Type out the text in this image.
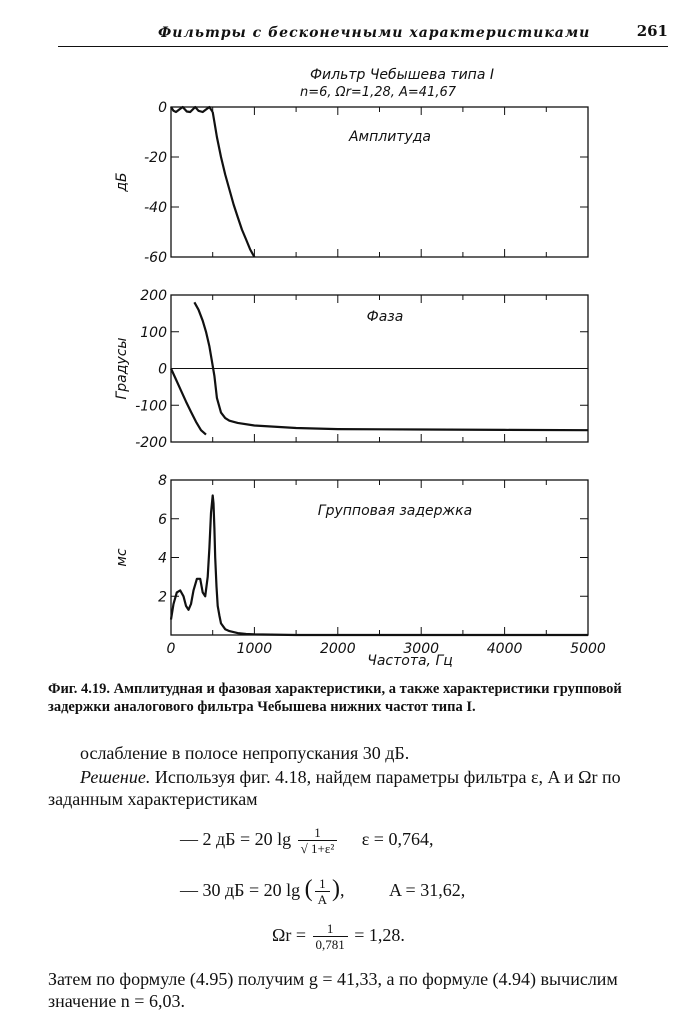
Фильтры с бесконечными характеристиками	261
Фильтр Чебышева типа I
n=6, Ωr=1,28, A=41,67
0
-20
-40
-60
Амплитуда
дБ
200
100
0
-100
-200
Фаза
Градусы
8
6
4
2
0	1000	2000	3000	4000	5000
Групповая задержка
мс
Частота, Гц
Фиг. 4.19. Амплитудная и фазовая характеристики, а также характеристики групповой задержки аналогового фильтра Чебышева нижних частот типа I.
ослабление в полосе непропускания 30 дБ.
Решение. Используя фиг. 4.18, найдем параметры фильтра ε, A и Ωr по заданным характеристикам
— 2 дБ = 20 $\lg \frac{1}{\text{√ 1+ε²}}$ ε = 0,764,
— 30 дБ = 20 lg ( $\frac{1}{A}$ ), A = 31,62,
$\Omega r = \frac{1}{0,781} = 1,28$.
Затем по формуле (4.95) получим g = 41,33, а по формуле (4.94) вычислим значение n = 6,03.
